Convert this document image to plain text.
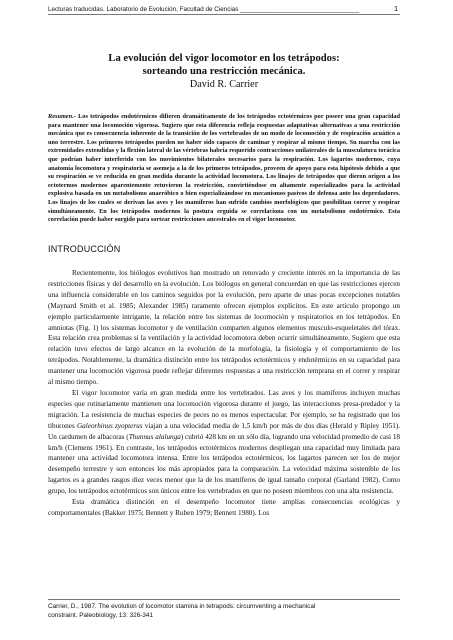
Lecturas traducidas. Laboratorio de Evolución, Facultad de Ciencias __________________________________	1
La evolución del vigor locomotor en los tetrápodos:
sorteando una restricción mecánica.
David R. Carrier
Resumen.- Los tetrápodos endotérmicos difieren dramáticamente de los tetrápodos ectotérmicos por poseer una gran capacidad para mantener una locomoción vigorosa. Sugiero que esta diferencia refleja respuestas adaptativas alternativas a una restricción mecánica que es consecuencia inherente de la transición de los vertebrados de un modo de locomoción y de respiración acuático a uno terrestre. Los primeros tetrápodos pueden no haber sido capaces de caminar y respirar al mismo tiempo. Su marcha con las extremidades extendidas y la flexión lateral de las vértebras habría requerido contracciones unilaterales de la musculatura torácica que podrían haber interferido con los movimientos bilaterales necesarios para la respiración. Los lagartos modernos, cuya anatomía locomotora y respiratoria se asemeja a la de los primeros tetrápodos, proveen de apoyo para esta hipótesis debido a que su respiración se ve reducida en gran medida durante la actividad locomotora. Los linajes de tetrápodos que dieron origen a los ectotermos modernos aparentemente retuvieron la restricción, convirtiéndose en altamente especializados para la actividad explosiva basada en un metabolismo anaeróbico o bien especializándose en mecanismos pasivos de defensa ante los depredadores. Los linajes de los cuales se derivan las aves y los mamíferos han sufrido cambios morfológicos que posibilitan correr y respirar simultáneamente. En los tetrápodos modernos la postura erguida se correlaciona con un metabolismo endotérmico. Esta correlación puede haber surgido para sortear restricciones ancestrales en el vigor locomotor.
INTRODUCCIÓN

Recientemente, los biólogos evolutivos han mostrado un renovado y creciente interés en la importancia de las restricciones físicas y del desarrollo en la evolución. Los biólogos en general concuerdan en que las restricciones ejercen una influencia considerable en los caminos seguidos por la evolución, pero aparte de unas pocas excepciones notables (Maynard Smith et al. 1985; Alexander 1985) raramente ofrecen ejemplos explícitos. En este artículo propongo un ejemplo particularmente intrigante, la relación entre los sistemas de locomoción y respiratorios en los tetrápodos. En amniotas (Fig. 1) los sistemas locomotor y de ventilación comparten algunos elementos musculo-esqueletales del tórax. Esta relación crea problemas si la ventilación y la actividad locomotora deben ocurrir simultáneamente. Sugiero que esta relación tuvo efectos de largo alcance en la evolución de la morfología, la fisiología y el comportamiento de los tetrápodos. Notablemente, la dramática distinción entre los tetrápodos ectotérmicos y endotérmicos en su capacidad para mantener una locomoción vigorosa puede reflejar diferentes respuestas a una restricción temprana en el correr y respirar al mismo tiempo.

El vigor locomotor varía en gran medida entre los vertebrados. Las aves y los mamíferos incluyen muchas especies que rutinariamente mantienen una locomoción vigorosa durante el juego, las interacciones presa-predador y la migración. La resistencia de muchas especies de peces no es menos espectacular. Por ejemplo, se ha registrado que los tiburones Galeorhinus zyopterus viajan a una velocidad media de 1,5 km/h por más de dos días (Herald y Ripley 1951). Un cardumen de albacoras (Thunnus alalunga) cubrió 428 km en un sólo día, logrando una velocidad promedio de casi 18 km/h (Clemens 1961). En contraste, los tetrápodos ectotérmicos modernos despliegan una capacidad muy limitada para mantener una actividad locomotora intensa. Entre los tetrápodos ectotérmicos, los lagartos parecen ser los de mejor desempeño terrestre y son entonces los más apropiados para la comparación. La velocidad máxima sostenible de los lagartos es a grandes rasgos diez veces menor que la de los mamíferos de igual tamaño corporal (Garland 1982). Como grupo, los tetrápodos ectotérmicos son únicos entre los vertebrados en que no poseen miembros con una alta resistencia.

Esta dramática distinción en el desempeño locomotor tiene amplias consecuencias ecológicas y comportamentales (Bakker 1975; Bennett y Ruben 1979; Bennett 1980). Los

Carrier, D., 1987. The evolution of locomotor stamina in tetrapods: circumventing a mechanical
constraint. Paleobiology, 13: 326-341
